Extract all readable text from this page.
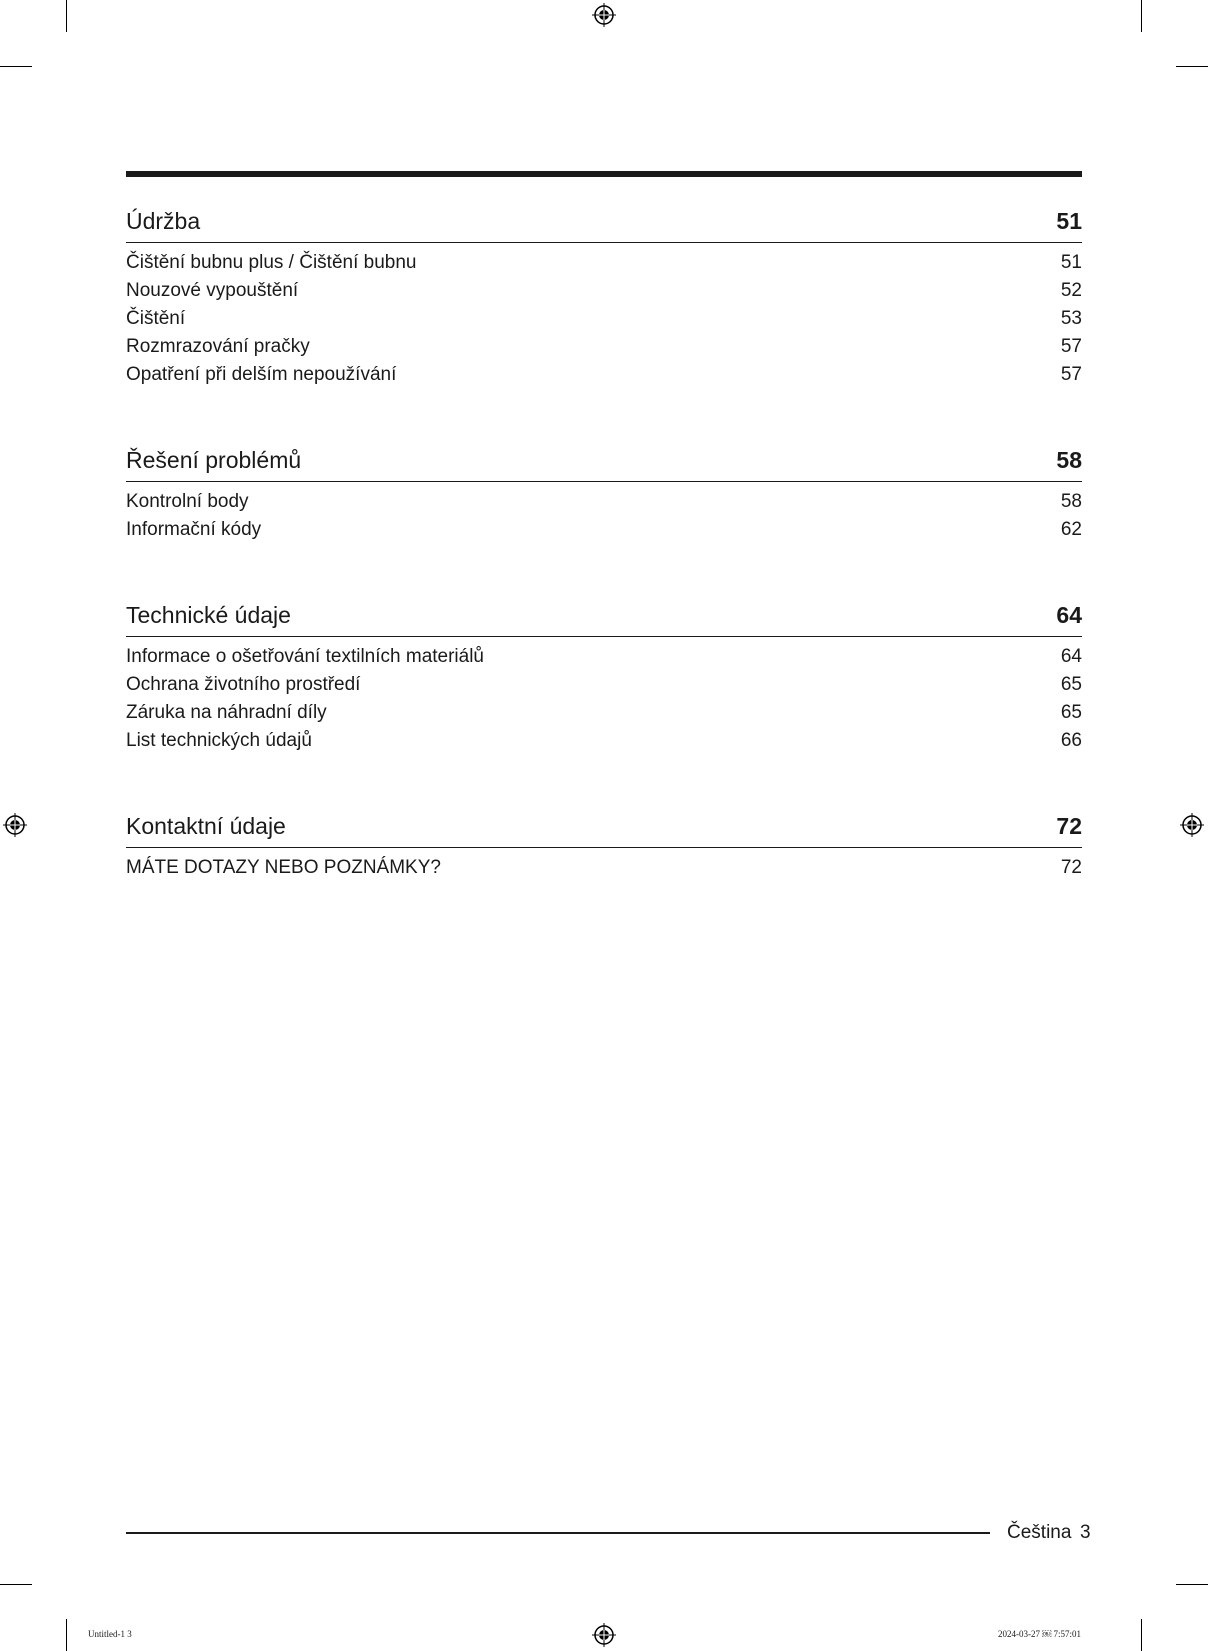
Údržba	51
Čištění bubnu plus / Čištění bubnu	51
Nouzové vypouštění	52
Čištění	53
Rozmrazování pračky	57
Opatření při delším nepoužívání	57
Řešení problémů	58
Kontrolní body	58
Informační kódy	62
Technické údaje	64
Informace o ošetřování textilních materiálů	64
Ochrana životního prostředí	65
Záruka na náhradní díly	65
List technických údajů	66
Kontaktní údaje	72
MÁTE DOTAZY NEBO POZNÁMKY?	72
Čeština 3
Untitled-1 3	2024-03-27 ￼ 7:57:01
